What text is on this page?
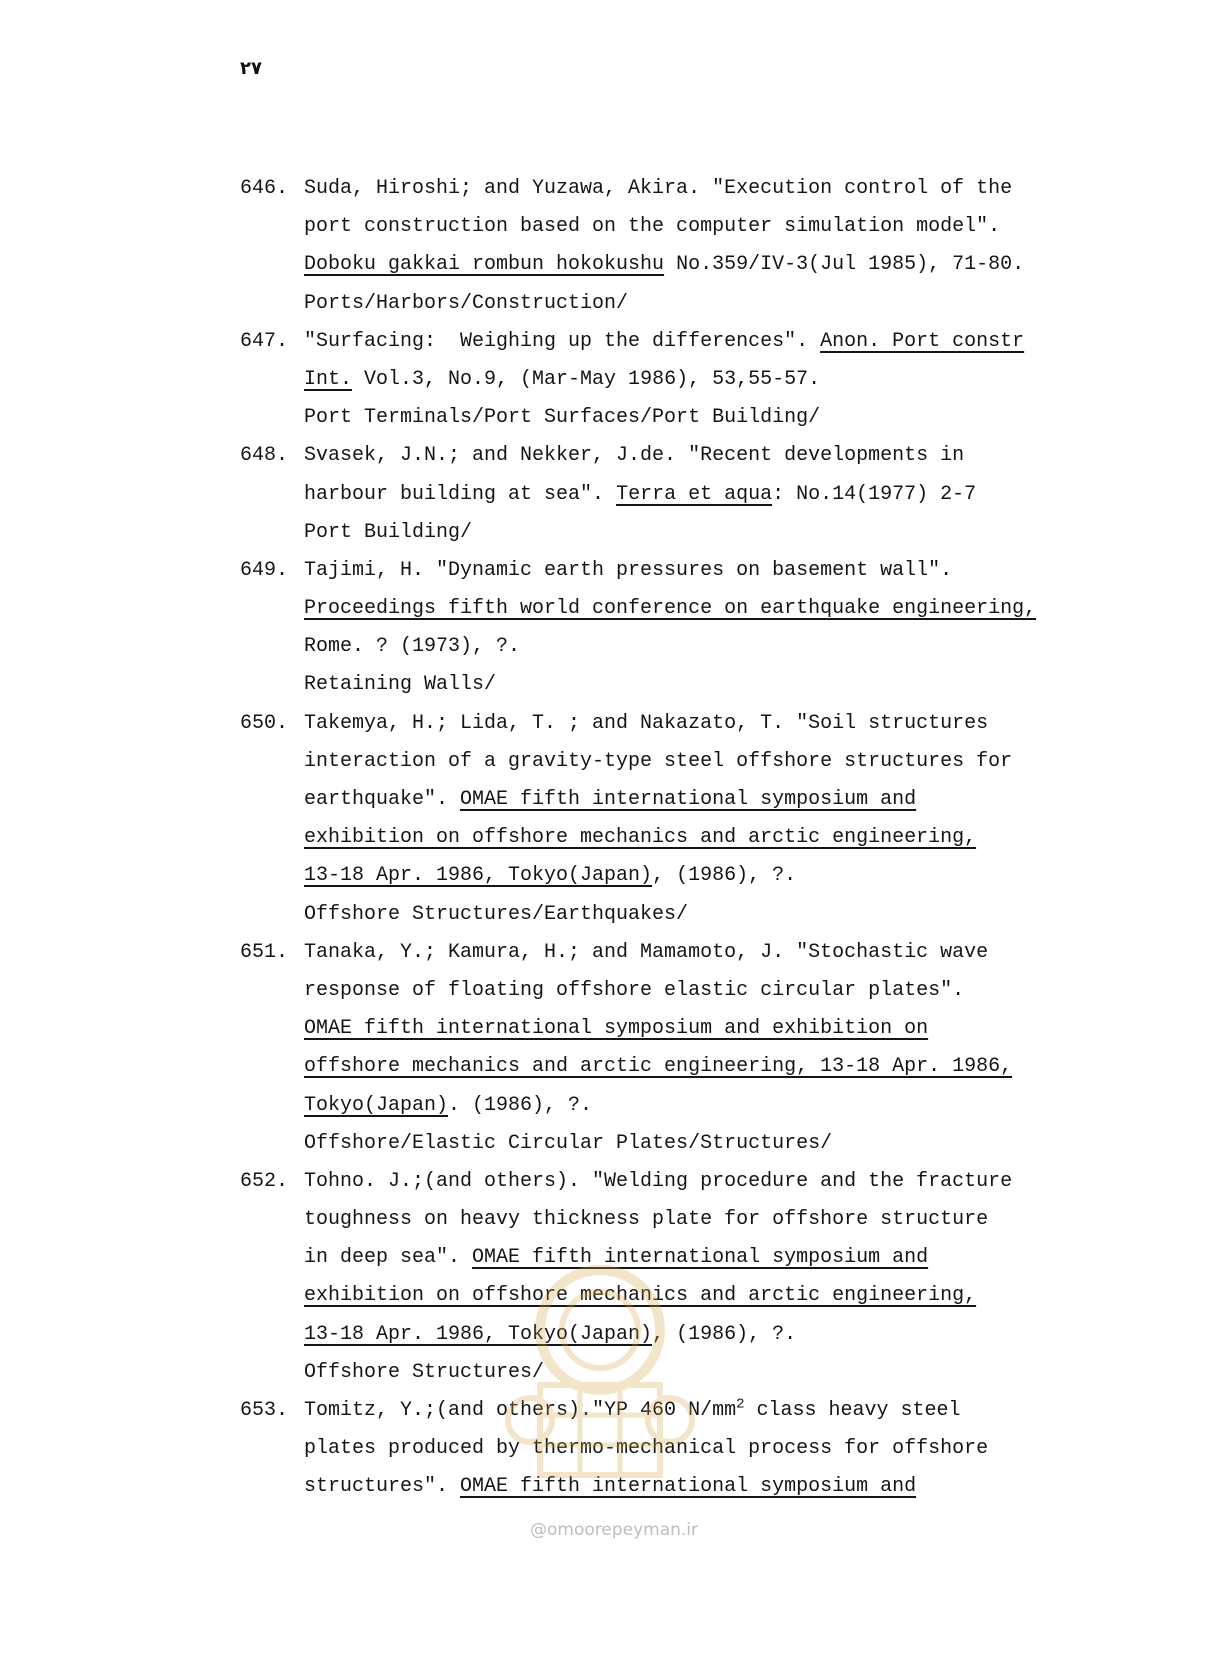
۲۷
646. Suda, Hiroshi; and Yuzawa, Akira. "Execution control of the
port construction based on the computer simulation model".
Doboku gakkai rombun hokokushu No.359/IV-3(Jul 1985), 71-80.
Ports/Harbors/Construction/
647. "Surfacing:  Weighing up the differences". Anon. Port constr
Int. Vol.3, No.9, (Mar-May 1986), 53,55-57.
Port Terminals/Port Surfaces/Port Building/
648. Svasek, J.N.; and Nekker, J.de. "Recent developments in
harbour building at sea". Terra et aqua: No.14(1977) 2-7
Port Building/
649. Tajimi, H. "Dynamic earth pressures on basement wall".
Proceedings fifth world conference on earthquake engineering,
Rome. ? (1973), ?.
Retaining Walls/
650. Takemya, H.; Lida, T. ; and Nakazato, T. "Soil structures
interaction of a gravity-type steel offshore structures for
earthquake". OMAE fifth international symposium and
exhibition on offshore mechanics and arctic engineering,
13-18 Apr. 1986, Tokyo(Japan), (1986), ?.
Offshore Structures/Earthquakes/
651. Tanaka, Y.; Kamura, H.; and Mamamoto, J. "Stochastic wave
response of floating offshore elastic circular plates".
OMAE fifth international symposium and exhibition on
offshore mechanics and arctic engineering, 13-18 Apr. 1986,
Tokyo(Japan). (1986), ?.
Offshore/Elastic Circular Plates/Structures/
652. Tohno. J.;(and others). "Welding procedure and the fracture
toughness on heavy thickness plate for offshore structure
in deep sea". OMAE fifth international symposium and
exhibition on offshore mechanics and arctic engineering,
13-18 Apr. 1986, Tokyo(Japan), (1986), ?.
Offshore Structures/
653. Tomitz, Y.;(and others)."YP 460 $N/mm^2$ class heavy steel
plates produced by thermo-mechanical process for offshore
structures". OMAE fifth international symposium and
@omoorepeyman.ir
